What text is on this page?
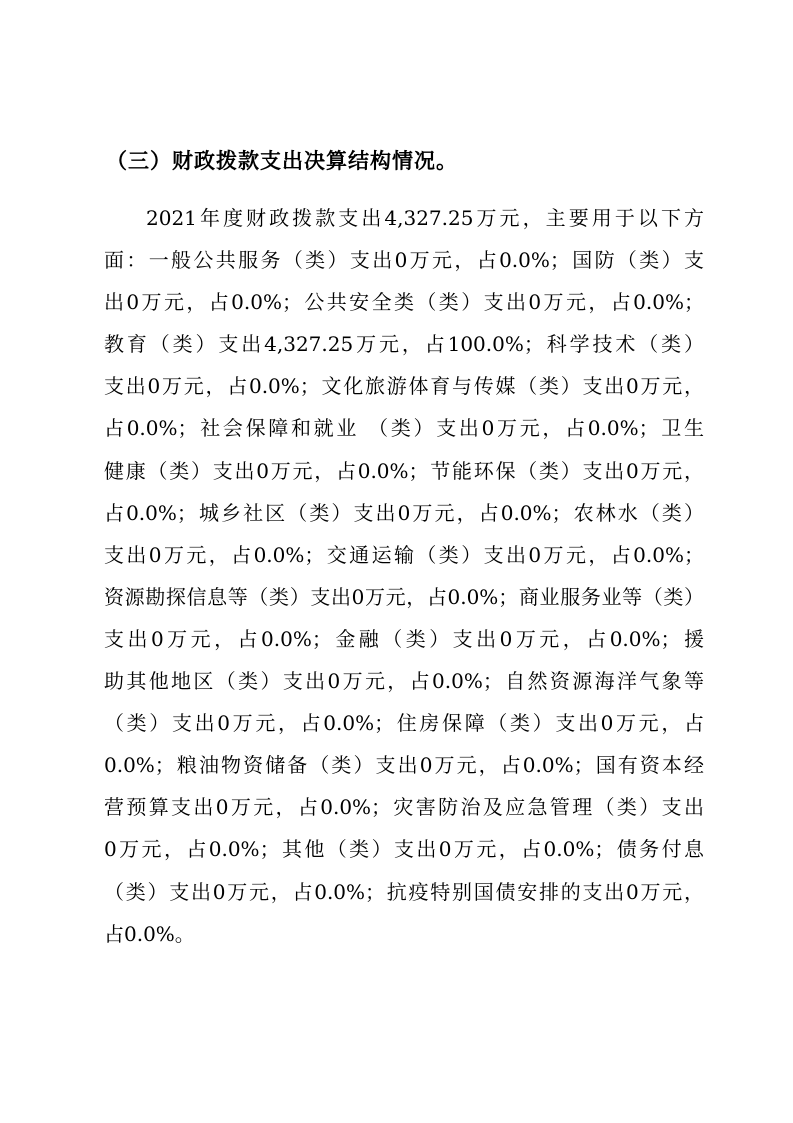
（三）财政拨款支出决算结构情况。
2021年度财政拨款支出4,327.25万元，主要用于以下方
面：一般公共服务（类）支出0万元，占0.0%；国防（类）支
出0万元，占0.0%；公共安全类（类）支出0万元，占0.0%；
教育（类）支出4,327.25万元，占100.0%；科学技术（类）
支出0万元，占0.0%；文化旅游体育与传媒（类）支出0万元，
占0.0%；社会保障和就业 （类）支出0万元，占0.0%；卫生
健康（类）支出0万元，占0.0%；节能环保（类）支出0万元，
占0.0%；城乡社区（类）支出0万元，占0.0%；农林水（类）
支出0万元，占0.0%；交通运输（类）支出0万元，占0.0%；
资源勘探信息等（类）支出0万元，占0.0%；商业服务业等（类）
支出0万元，占0.0%；金融（类）支出0万元，占0.0%；援
助其他地区（类）支出0万元，占0.0%；自然资源海洋气象等
（类）支出0万元，占0.0%；住房保障（类）支出0万元，占
0.0%；粮油物资储备（类）支出0万元，占0.0%；国有资本经
营预算支出0万元，占0.0%；灾害防治及应急管理（类）支出
0万元，占0.0%；其他（类）支出0万元，占0.0%；债务付息
（类）支出0万元，占0.0%；抗疫特别国债安排的支出0万元，
占0.0%。
